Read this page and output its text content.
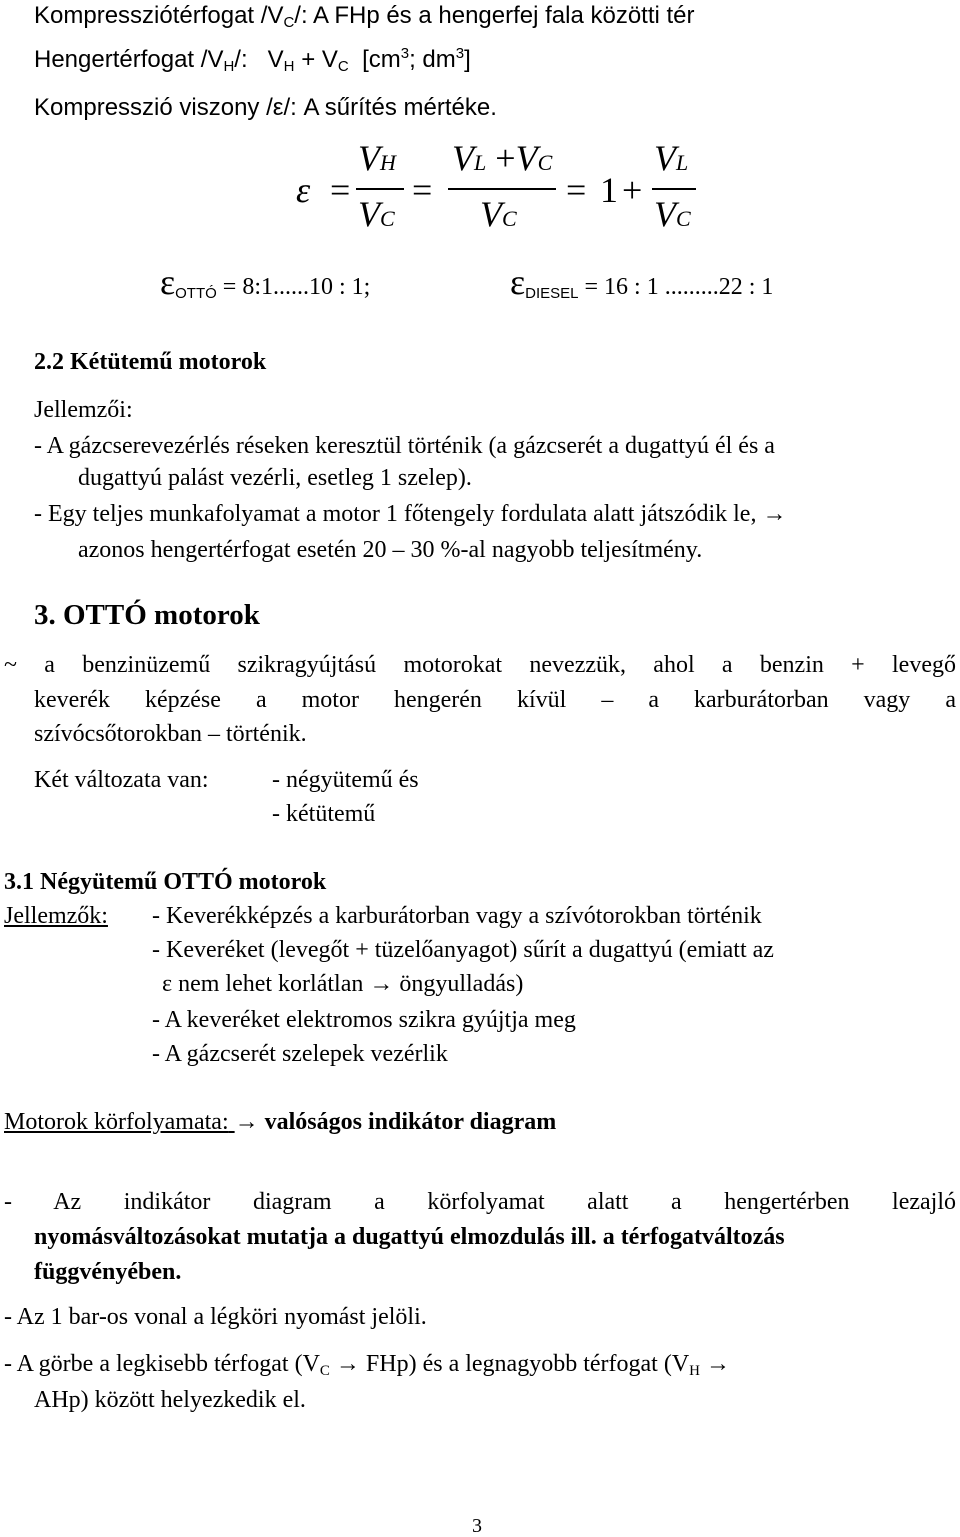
Kompressziótérfogat $/V_C/$: A FHp és a hengerfej fala közötti tér
Hengertérfogat $/V_H/$: $V_H + V_C$ [$cm^3$; $dm^3$]
Kompresszió viszony /ε/: A sűrítés mértéke.
ε =
VH
VC
=
VL +VC
VC
= 1 +
VL
VC
$\varepsilon_{OTTÓ}$ = 8:1......10 : 1;	$\varepsilon_{DIESEL} = 16$ : 1 .........22 : 1
2.2 Kétütemű motorok
Jellemzői:
- A gázcserevezérlés réseken keresztül történik (a gázcserét a dugattyú él és a
dugattyú palást vezérli, esetleg 1 szelep).
- Egy teljes munkafolyamat a motor 1 főtengely fordulata alatt játszódik le, →
azonos hengertérfogat esetén 20 – 30 %-al nagyobb teljesítmény.
3. OTTÓ motorok
~ a benzinüzemű szikragyújtású motorokat nevezzük, ahol a benzin + levegő
keverék képzése a motor hengerén kívül – a karburátorban vagy a
szívócsőtorokban – történik.
Két változata van:	- négyütemű és
- kétütemű
3.1 Négyütemű OTTÓ motorok
Jellemzők: - Keverékképzés a karburátorban vagy a szívótorokban történik
- Keveréket (levegőt + tüzelőanyagot) sűrít a dugattyú (emiatt az
ε nem lehet korlátlan → öngyulladás)
- A keveréket elektromos szikra gyújtja meg
- A gázcserét szelepek vezérlik
Motorok körfolyamata: → valóságos indikátor diagram
- Az indikátor diagram a körfolyamat alatt a hengertérben lezajló
nyomásváltozásokat mutatja a dugattyú elmozdulás ill. a térfogatváltozás
függvényében.
- Az 1 bar-os vonal a légköri nyomást jelöli.
- A görbe a legkisebb térfogat $(V_C \to FHp)$ és a legnagyobb térfogat ($V_H$ →
AHp) között helyezkedik el.
3
